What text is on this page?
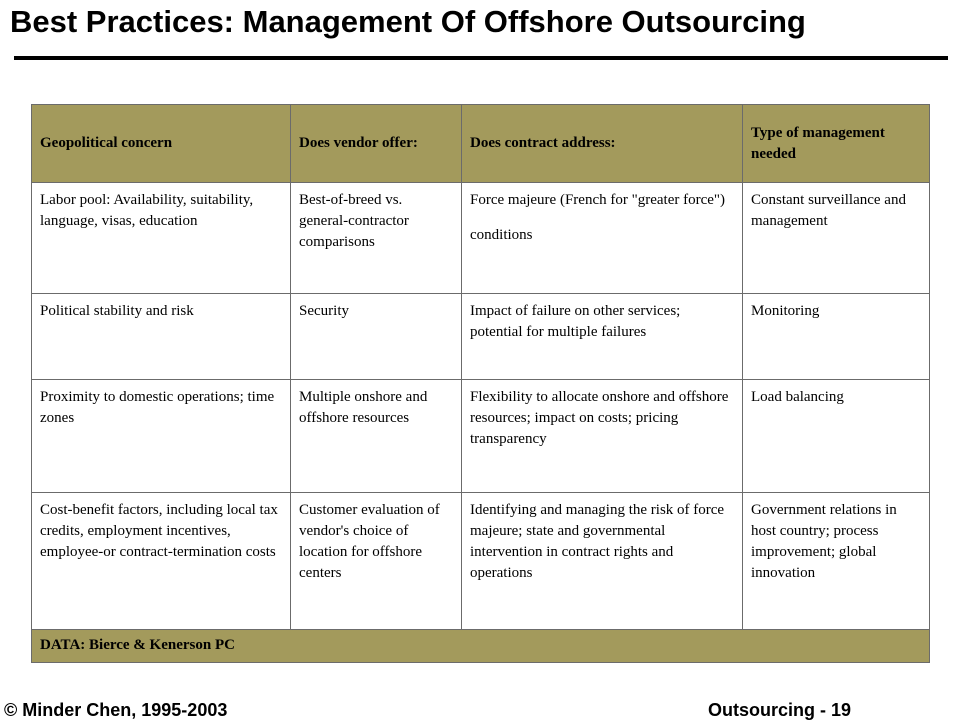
Best Practices: Management Of Offshore Outsourcing
Geopolitical concern	Does vendor offer:	Does contract address:	Type of management needed
Labor pool: Availability, suitability, language, visas, education	Best-of-breed vs. general-contractor comparisons	Force majeure (French for "greater force") conditions	Constant surveillance and management
Political stability and risk	Security	Impact of failure on other services; potential for multiple failures	Monitoring
Proximity to domestic operations; time zones	Multiple onshore and offshore resources	Flexibility to allocate onshore and offshore resources; impact on costs; pricing transparency	Load balancing
Cost-benefit factors, including local tax credits, employment incentives, employee-or contract-termination costs	Customer evaluation of vendor's choice of location for offshore centers	Identifying and managing the risk of force majeure; state and governmental intervention in contract rights and operations	Government relations in host country; process improvement; global innovation
DATA: Bierce & Kenerson PC			
© Minder Chen, 1995-2003	Outsourcing - 19
